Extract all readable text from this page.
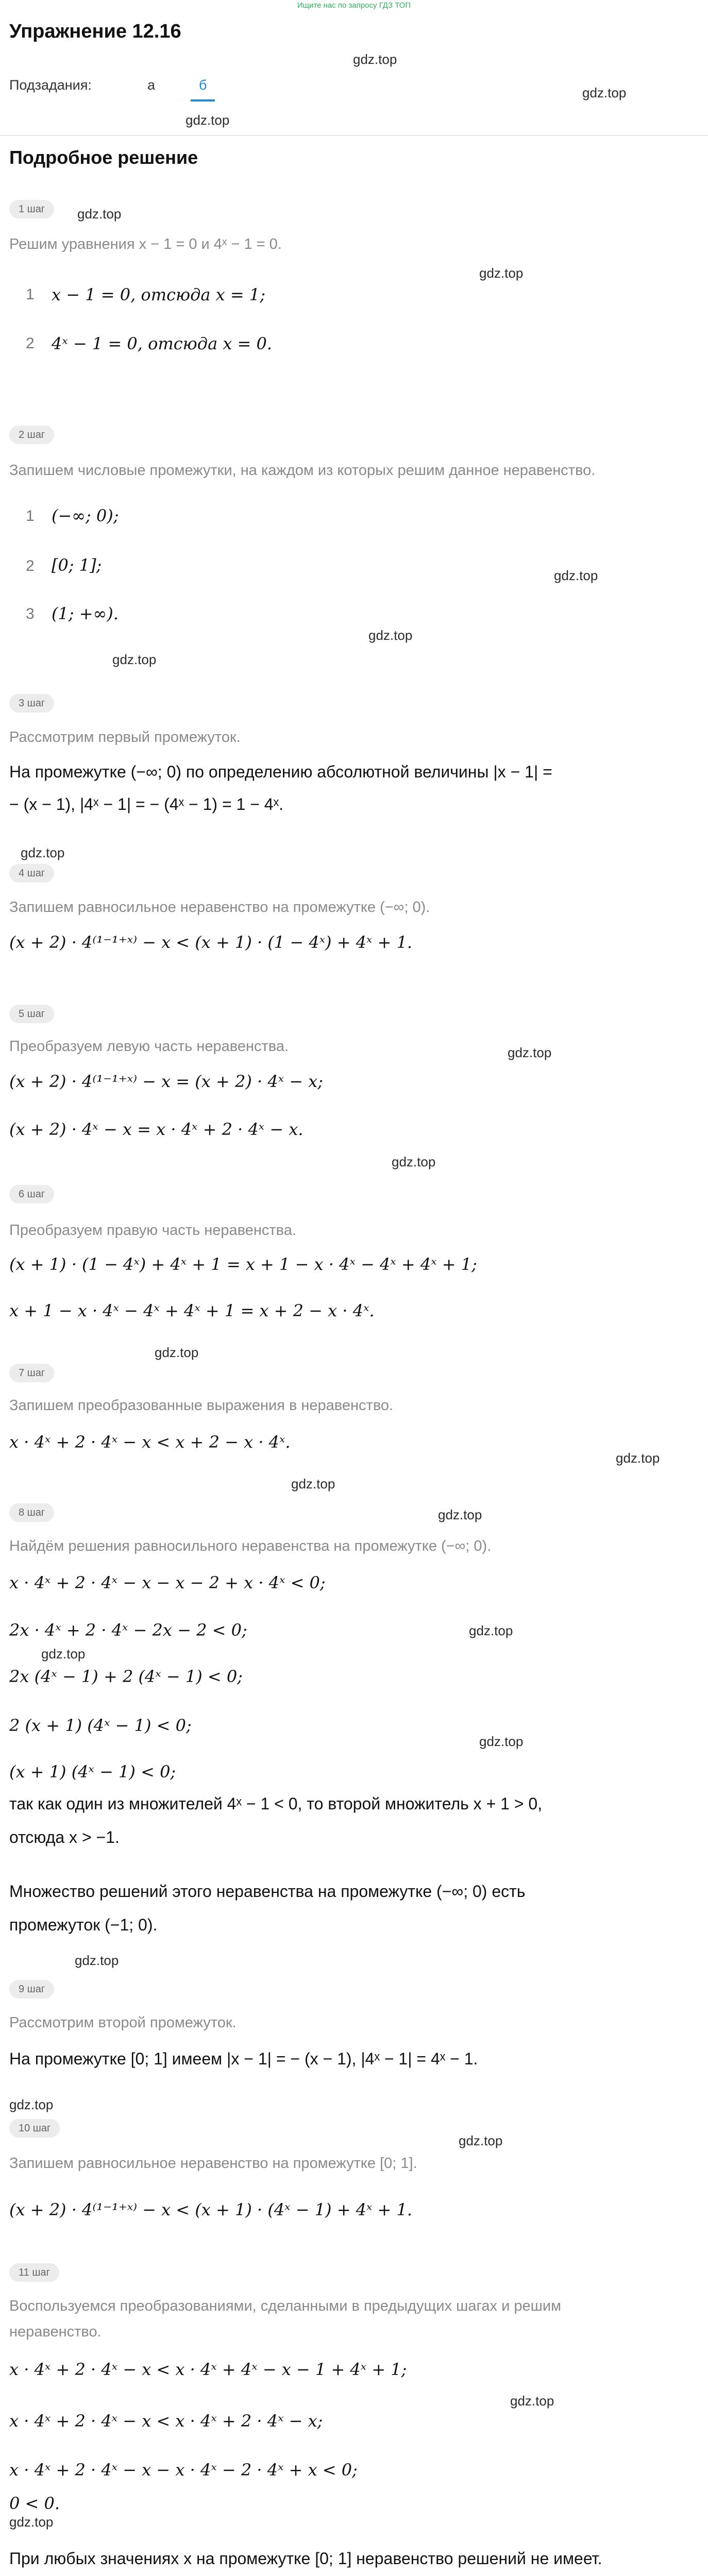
Ищите нас по запросу ГДЗ ТОП
Упражнение 12.16
gdz.top
Подзадания:	a	б	gdz.top
gdz.top
Подробное решение
1 шаг	gdz.top
Решим уравнения x − 1 = 0 и 4ˣ − 1 = 0.
gdz.top
1 x − 1 = 0, отсюда x = 1;
2 4ˣ − 1 = 0, отсюда x = 0.
2 шаг
Запишем числовые промежутки, на каждом из которых решим данное неравенство.
1 (−∞; 0);
2 [0; 1];
gdz.top
3 (1; +∞).
gdz.top
gdz.top
3 шаг
Рассмотрим первый промежуток.
На промежутке (−∞; 0) по определению абсолютной величины |x − 1| =
− (x − 1), |4ˣ − 1| = − (4ˣ − 1) = 1 − 4ˣ.
gdz.top
4 шаг
Запишем равносильное неравенство на промежутке (−∞; 0).
(x + 2) · 4⁽¹⁻¹⁺ˣ⁾ − x < (x + 1) · (1 − 4ˣ) + 4ˣ + 1.
5 шаг
Преобразуем левую часть неравенства.	gdz.top
(x + 2) · 4⁽¹⁻¹⁺ˣ⁾ − x = (x + 2) · 4ˣ − x;
(x + 2) · 4ˣ − x = x · 4ˣ + 2 · 4ˣ − x.
gdz.top
6 шаг
Преобразуем правую часть неравенства.
(x + 1) · (1 − 4ˣ) + 4ˣ + 1 = x + 1 − x · 4ˣ − 4ˣ + 4ˣ + 1;
x + 1 − x · 4ˣ − 4ˣ + 4ˣ + 1 = x + 2 − x · 4ˣ.
gdz.top
7 шаг
Запишем преобразованные выражения в неравенство.
x · 4ˣ + 2 · 4ˣ − x < x + 2 − x · 4ˣ.
gdz.top
gdz.top
8 шаг	gdz.top
Найдём решения равносильного неравенства на промежутке (−∞; 0).
x · 4ˣ + 2 · 4ˣ − x − x − 2 + x · 4ˣ < 0;
2x · 4ˣ + 2 · 4ˣ − 2x − 2 < 0;	gdz.top
gdz.top
2x (4ˣ − 1) + 2 (4ˣ − 1) < 0;
2 (x + 1) (4ˣ − 1) < 0;
gdz.top
(x + 1) (4ˣ − 1) < 0;
так как один из множителей 4ˣ − 1 < 0, то второй множитель x + 1 > 0,
отсюда x > −1.
Множество решений этого неравенства на промежутке (−∞; 0) есть
промежуток (−1; 0).
gdz.top
9 шаг
Рассмотрим второй промежуток.
На промежутке [0; 1] имеем |x − 1| = − (x − 1), |4ˣ − 1| = 4ˣ − 1.
gdz.top
10 шаг
gdz.top
Запишем равносильное неравенство на промежутке [0; 1].
(x + 2) · 4⁽¹⁻¹⁺ˣ⁾ − x < (x + 1) · (4ˣ − 1) + 4ˣ + 1.
11 шаг
Воспользуемся преобразованиями, сделанными в предыдущих шагах и решим
неравенство.
x · 4ˣ + 2 · 4ˣ − x < x · 4ˣ + 4ˣ − x − 1 + 4ˣ + 1;
gdz.top
x · 4ˣ + 2 · 4ˣ − x < x · 4ˣ + 2 · 4ˣ − x;
x · 4ˣ + 2 · 4ˣ − x − x · 4ˣ − 2 · 4ˣ + x < 0;
0 < 0.
gdz.top
При любых значениях x на промежутке [0; 1] неравенство решений не имеет.
